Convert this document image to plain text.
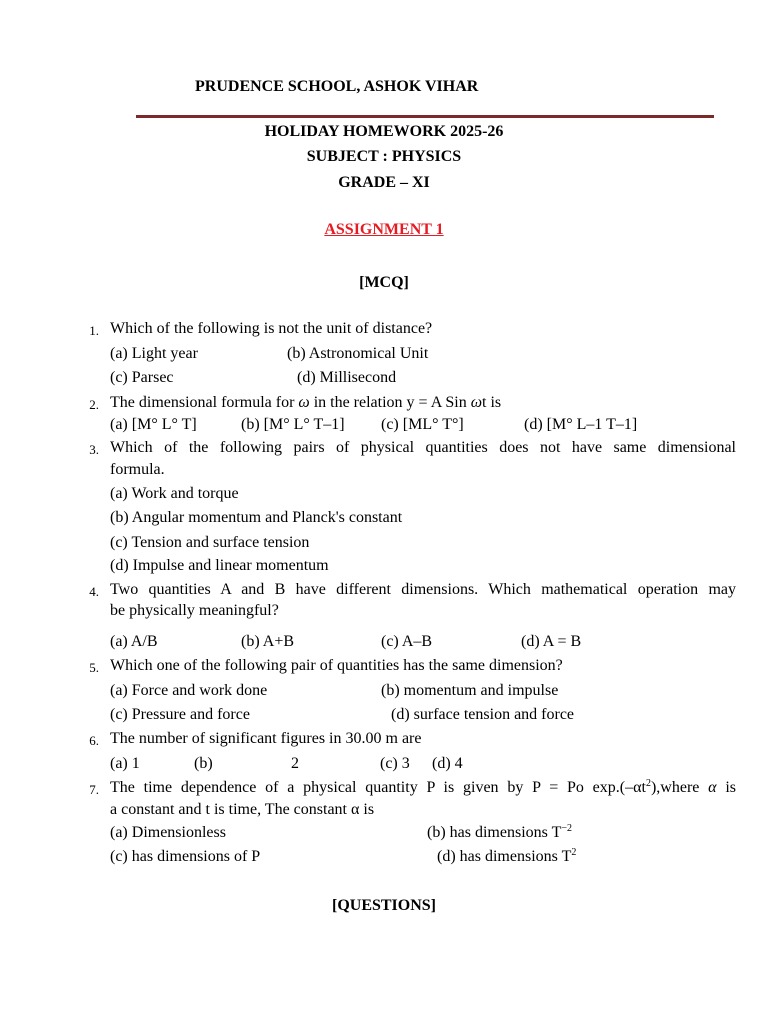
PRUDENCE SCHOOL, ASHOK VIHAR
HOLIDAY HOMEWORK 2025-26
SUBJECT : PHYSICS
GRADE – XI
ASSIGNMENT 1
[MCQ]
1. Which of the following is not the unit of distance?
(a) Light year	(b) Astronomical Unit
(c) Parsec	(d) Millisecond
2. The dimensional formula for ω in the relation y = A Sin ωt is
(a) [M° L° T]	(b) [M° L° T–1] (c) [ML° T°]	(d) [M° L–1 T–1]
3. Which of the following pairs of physical quantities does not have same dimensional
formula.
(a) Work and torque
(b) Angular momentum and Planck's constant
(c) Tension and surface tension
(d) Impulse and linear momentum
4. Two quantities A and B have different dimensions. Which mathematical operation may
be physically meaningful?
(a) A/B	(b) A+B	(c) A–B	(d) A = B
5. Which one of the following pair of quantities has the same dimension?
(a) Force and work done	(b) momentum and impulse
(c) Pressure and force	(d) surface tension and force
6. The number of significant figures in 30.00 m are
(a) 1	(b)	2	(c) 3 (d) 4
7. The time dependence of a physical quantity P is given by P = Po $\exp.(-\alpha t^2),where$ α is
a constant and t is time, The constant α is
(a) Dimensionless	(b) has dimensions $T^{-2}$
(c) has dimensions of P	(d) has dimensions $T^2$
[QUESTIONS]
